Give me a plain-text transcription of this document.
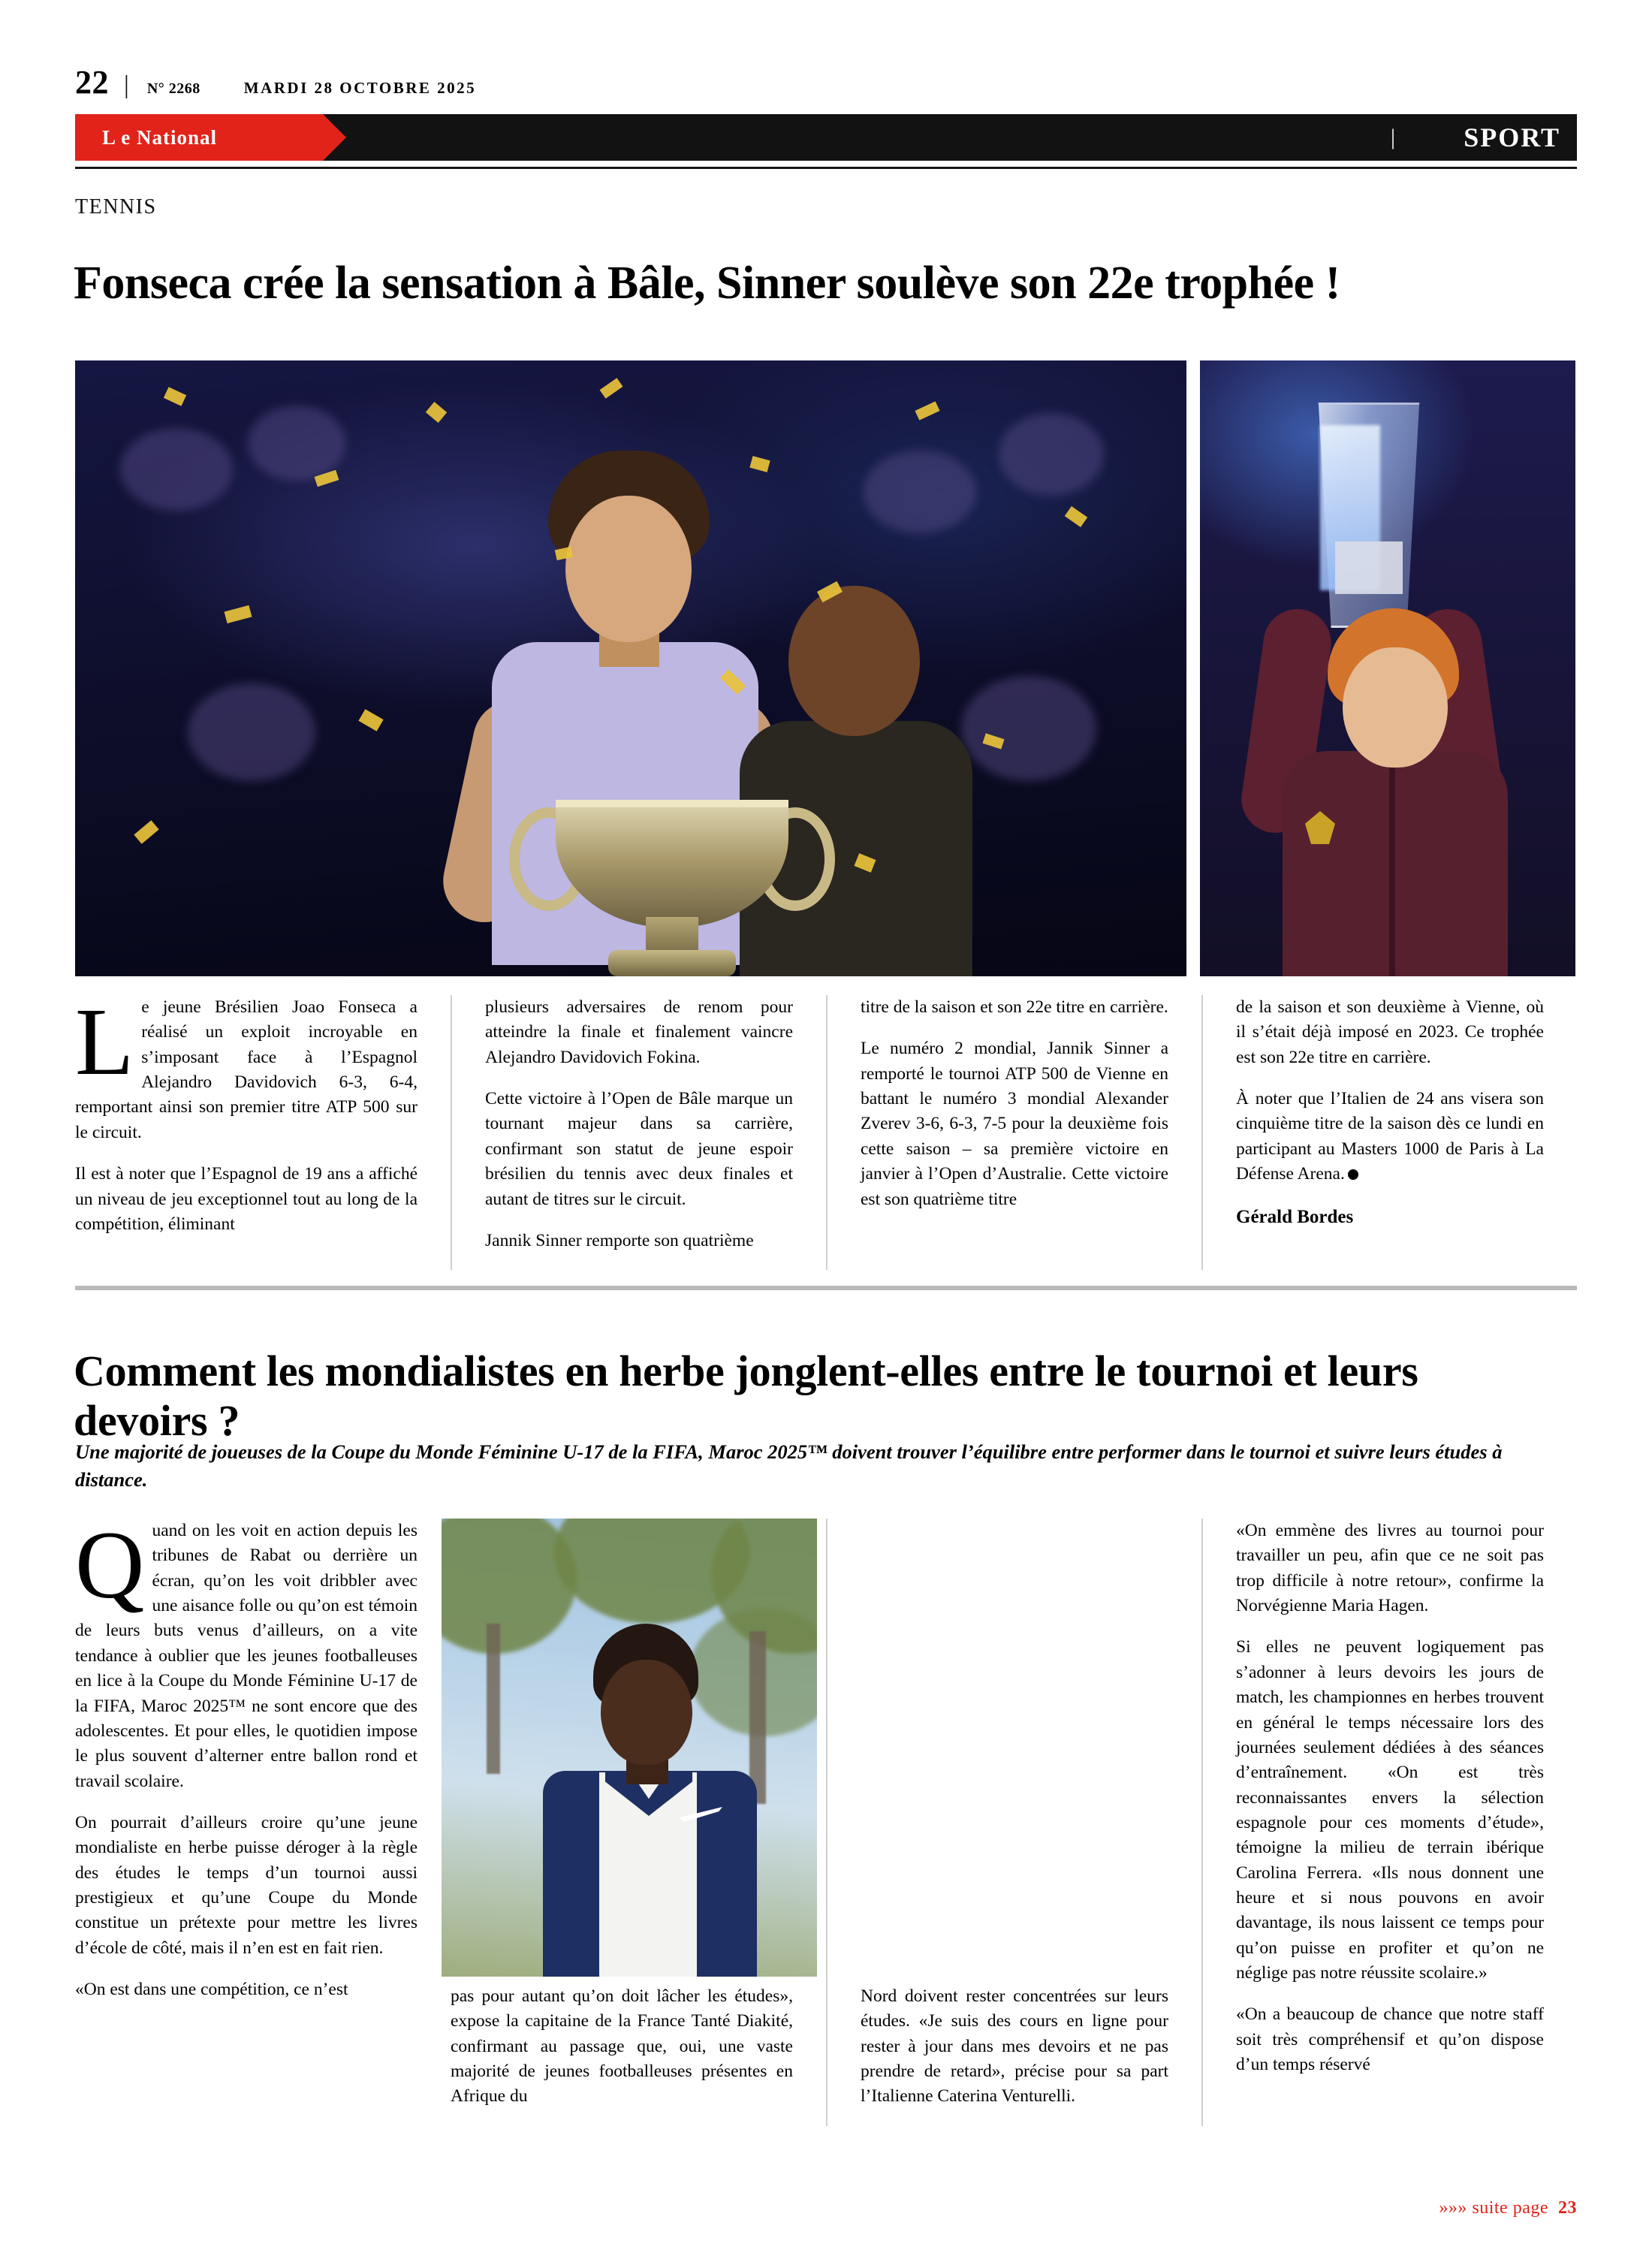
22 | N° 2268	MARDI 28 OCTOBRE 2025
L e National	|	SPORT
TENNIS
Fonseca crée la sensation à Bâle, Sinner soulève son 22e trophée !

Le jeune Brésilien Joao Fonseca a réalisé un exploit incroyable en s’imposant face à l’Espagnol Alejandro Davidovich 6-3, 6-4, remportant ainsi son premier titre ATP 500 sur le circuit.

Il est à noter que l’Espagnol de 19 ans a affiché un niveau de jeu exceptionnel tout au long de la compétition, éliminant

plusieurs adversaires de renom pour atteindre la finale et finalement vaincre Alejandro Davidovich Fokina.

Cette victoire à l’Open de Bâle marque un tournant majeur dans sa carrière, confirmant son statut de jeune espoir brésilien du tennis avec deux finales et autant de titres sur le circuit.

Jannik Sinner remporte son quatrième

titre de la saison et son 22e titre en carrière.

Le numéro 2 mondial, Jannik Sinner a remporté le tournoi ATP 500 de Vienne en battant le numéro 3 mondial Alexander Zverev 3-6, 6-3, 7-5 pour la deuxième fois cette saison – sa première victoire en janvier à l’Open d’Australie. Cette victoire est son quatrième titre

de la saison et son deuxième à Vienne, où il s’était déjà imposé en 2023. Ce trophée est son 22e titre en carrière.

À noter que l’Italien de 24 ans visera son cinquième titre de la saison dès ce lundi en participant au Masters 1000 de Paris à La Défense Arena.

Gérald Bordes

Comment les mondialistes en herbe jonglent-elles entre le tournoi et leurs devoirs ?
Une majorité de joueuses de la Coupe du Monde Féminine U-17 de la FIFA, Maroc 2025™ doivent trouver l’équilibre entre performer dans le tournoi et suivre leurs études à distance.

Quand on les voit en action depuis les tribunes de Rabat ou derrière un écran, qu’on les voit dribbler avec une aisance folle ou qu’on est témoin de leurs buts venus d’ailleurs, on a vite tendance à oublier que les jeunes footballeuses en lice à la Coupe du Monde Féminine U-17 de la FIFA, Maroc 2025™ ne sont encore que des adolescentes. Et pour elles, le quotidien impose le plus souvent d’alterner entre ballon rond et travail scolaire.

On pourrait d’ailleurs croire qu’une jeune mondialiste en herbe puisse déroger à la règle des études le temps d’un tournoi aussi prestigieux et qu’une Coupe du Monde constitue un prétexte pour mettre les livres d’école de côté, mais il n’en est en fait rien.

«On est dans une compétition, ce n’est	pas pour autant qu’on doit lâcher les études», expose la capitaine de la France Tanté Diakité, confirmant au passage que, oui, une vaste majorité de jeunes footballeuses présentes en Afrique du

Nord doivent rester concentrées sur leurs études. «Je suis des cours en ligne pour rester à jour dans mes devoirs et ne pas prendre de retard», précise pour sa part l’Italienne Caterina Venturelli.

«On emmène des livres au tournoi pour travailler un peu, afin que ce ne soit pas trop difficile à notre retour», confirme la Norvégienne Maria Hagen.

Si elles ne peuvent logiquement pas s’adonner à leurs devoirs les jours de match, les championnes en herbes trouvent en général le temps nécessaire lors des journées seulement dédiées à des séances d’entraînement. «On est très reconnaissantes envers la sélection espagnole pour ces moments d’étude», témoigne la milieu de terrain ibérique Carolina Ferrera. «Ils nous donnent une heure et si nous pouvons en avoir davantage, ils nous laissent ce temps pour qu’on puisse en profiter et qu’on ne néglige pas notre réussite scolaire.»

«On a beaucoup de chance que notre staff soit très compréhensif et qu’on dispose d’un temps réservé

»»» suite page 23
